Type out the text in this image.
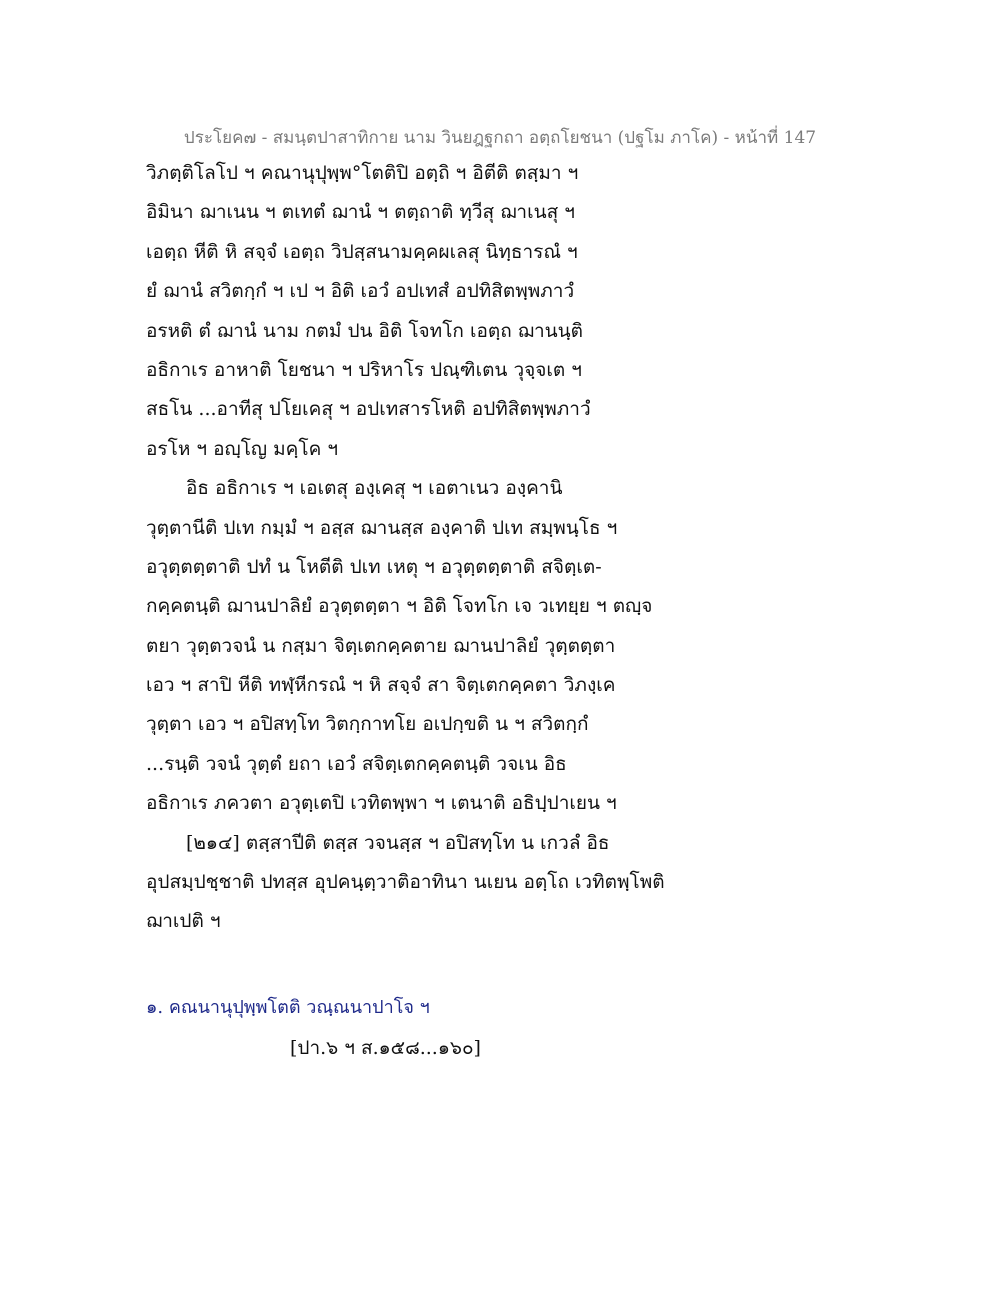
ประโยค๗ - สมนฺตปาสาทิกาย นาม วินยฎฐกถา อตฺถโยชนา (ปฐโม ภาโค) - หน้าที่ 147
วิภตฺติโลโป ฯ คณานุปุพฺพ°โตติปิ อตฺถิ ฯ อิตีติ ตสฺมา ฯ
อิมินา ฌาเนน ฯ ตเทตํ ฌานํ ฯ ตตฺถาติ ทฺวีสุ ฌาเนสุ ฯ
เอตฺถ หีติ หิ สจฺจํ เอตฺถ วิปสฺสนามคฺคผเลสุ นิทฺธารณํ ฯ
ยํ ฌานํ สวิตกฺกํ ฯ เป ฯ อิติ เอวํ อปเทสํ อปทิสิตพฺพภาวํ
อรหติ ตํ ฌานํ นาม กตมํ ปน อิติ โจทโก เอตฺถ ฌานนฺติ
อธิกาเร อาหาติ โยชนา ฯ ปริหาโร ปณฺฑิเตน วุจฺจเต ฯ
สธโน ...อาทีสุ ปโยเคสุ ฯ อปเทสารโหติ อปทิสิตพฺพภาวํ
อรโห ฯ อญฺโญ มคฺโค ฯ
อิธ อธิกาเร ฯ เอเตสุ องฺเคสุ ฯ เอตาเนว องฺคานิ
วุตฺตานีติ ปเท กมฺมํ ฯ อสฺส ฌานสฺส องฺคาติ ปเท สมฺพนฺโธ ฯ
อวุตฺตตฺตาติ ปทํ น โหตีติ ปเท เหตุ ฯ อวุตฺตตฺตาติ สจิตฺเต-
กคฺคตนฺติ ฌานปาลิยํ อวุตฺตตฺตา ฯ อิติ โจทโก เจ วเทยฺย ฯ ตญฺจ
ตยา วุตฺตวจนํ น กสฺมา จิตฺเตกคฺคตาย ฌานปาลิยํ วุตฺตตฺตา
เอว ฯ สาปิ หีติ ทฬฺหีกรณํ ฯ หิ สจฺจํ สา จิตฺเตกคฺคตา วิภงฺเค
วุตฺตา เอว ฯ อปิสทฺโท วิตกฺกาทโย อเปกฺขติ น ฯ สวิตกฺกํ
...รนฺติ วจนํ วุตฺตํ ยถา เอวํ สจิตฺเตกคฺคตนฺติ วจเน อิธ
อธิกาเร ภควตา อวุตฺเตปิ เวทิตพฺพา ฯ เตนาติ อธิปฺปาเยน ฯ
[๒๑๔] ตสฺสาปีติ ตสฺส วจนสฺส ฯ อปิสทฺโท น เกวลํ อิธ
อุปสมฺปชฺชาติ ปทสฺส อุปคนฺตฺวาติอาทินา นเยน อตฺโถ เวทิตพฺโพติ
ฌาเปติ ฯ
๑. คณนานุปุพฺพโตติ วณฺณนาปาโจ ฯ
[ปา.๖ ฯ ส.๑๕๘...๑๖๐]
